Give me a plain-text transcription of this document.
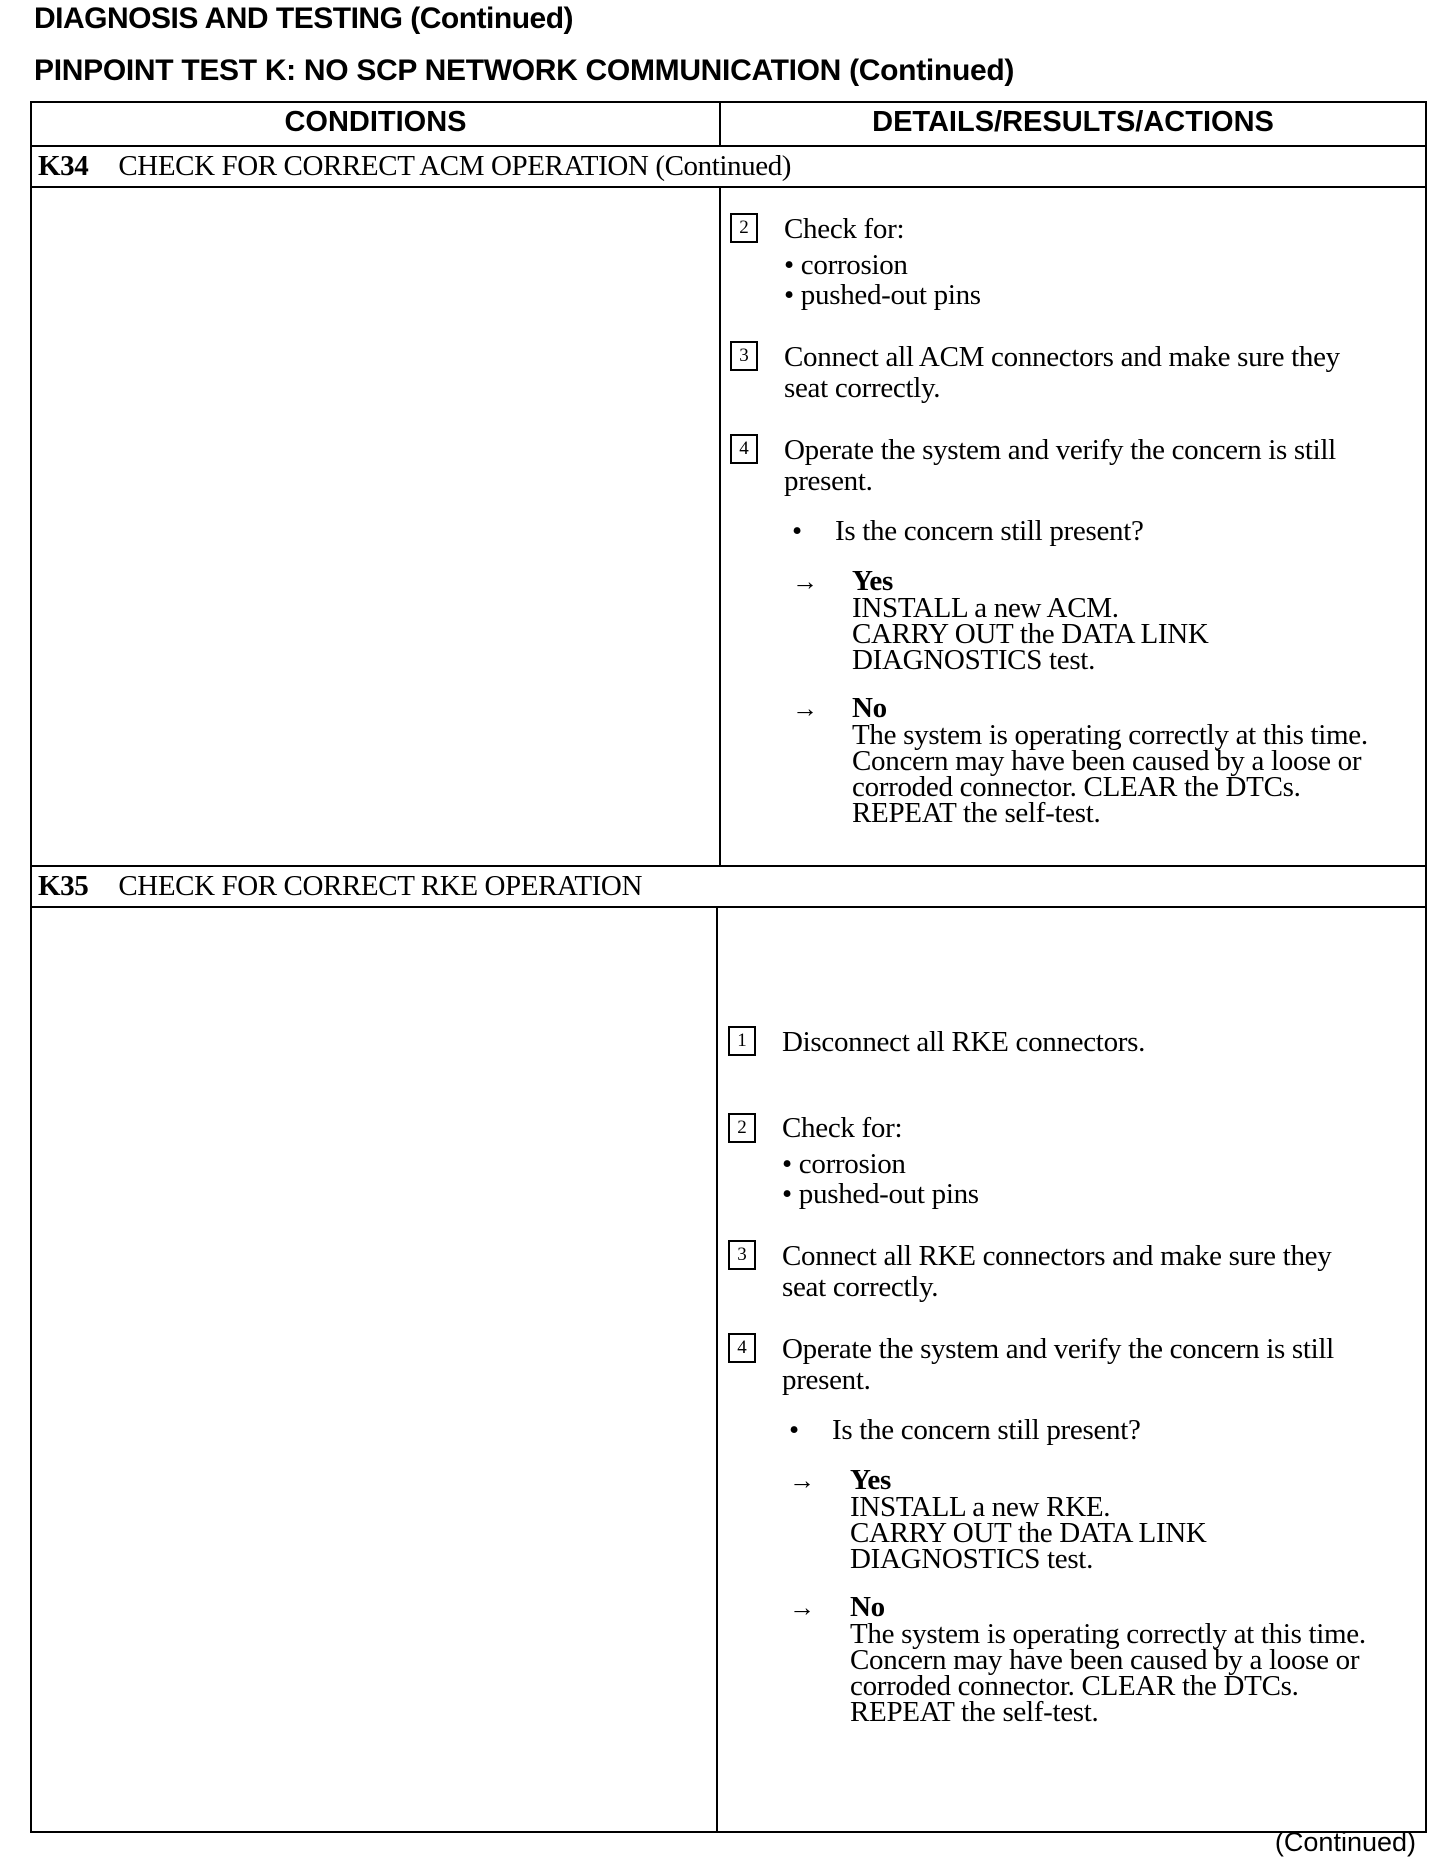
DIAGNOSIS AND TESTING (Continued)
PINPOINT TEST K: NO SCP NETWORK COMMUNICATION (Continued)
CONDITIONS	DETAILS/RESULTS/ACTIONS
K34 CHECK FOR CORRECT ACM OPERATION (Continued)
2	Check for:
• corrosion
• pushed-out pins
3	Connect all ACM connectors and make sure they
seat correctly.
4	Operate the system and verify the concern is still
present.
• Is the concern still present?
→ Yes
INSTALL a new ACM.
CARRY OUT the DATA LINK
DIAGNOSTICS test.
→ No
The system is operating correctly at this time.
Concern may have been caused by a loose or
corroded connector. CLEAR the DTCs.
REPEAT the self-test.
K35 CHECK FOR CORRECT RKE OPERATION
1	Disconnect all RKE connectors.
2	Check for:
• corrosion
• pushed-out pins
3	Connect all RKE connectors and make sure they
seat correctly.
4	Operate the system and verify the concern is still
present.
• Is the concern still present?
→ Yes
INSTALL a new RKE.
CARRY OUT the DATA LINK
DIAGNOSTICS test.
→ No
The system is operating correctly at this time.
Concern may have been caused by a loose or
corroded connector. CLEAR the DTCs.
REPEAT the self-test.
(Continued)
